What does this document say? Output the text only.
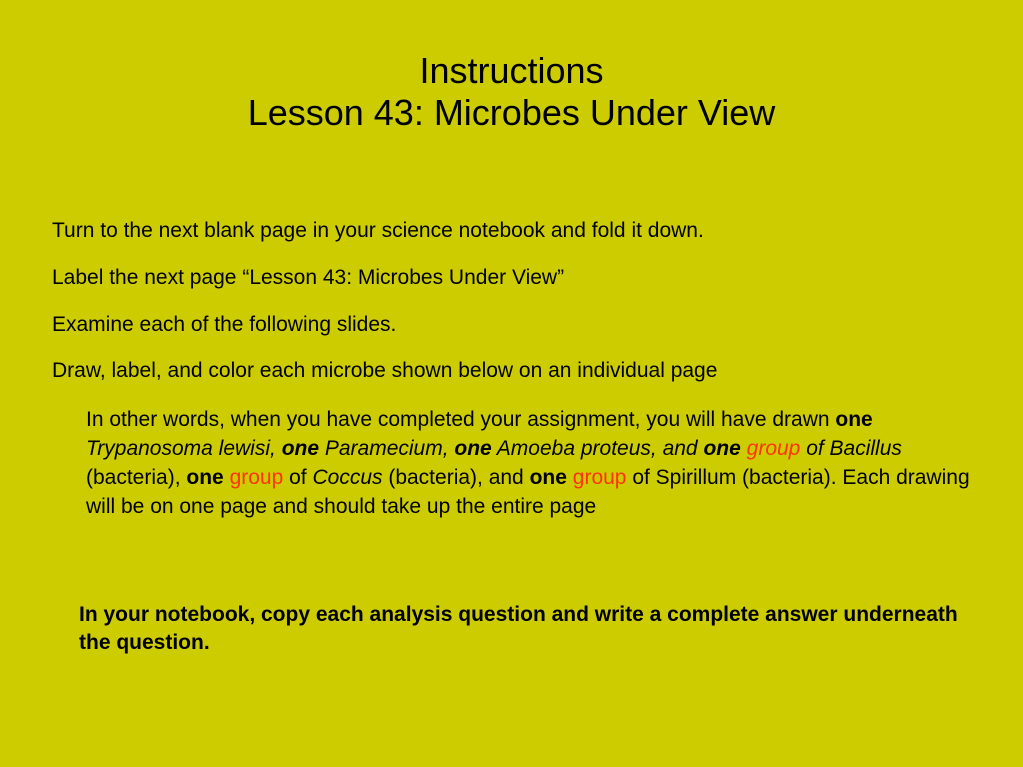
Instructions
Lesson 43: Microbes Under View
Turn to the next blank page in your science notebook and fold it down.
Label the next page “Lesson 43: Microbes Under View”
Examine each of the following slides.
Draw, label, and color each microbe shown below on an individual page
In other words, when you have completed your assignment, you will have drawn one Trypanosoma lewisi, one Paramecium, one Amoeba proteus, and one group of Bacillus (bacteria), one group of Coccus (bacteria), and one group of Spirillum (bacteria). Each drawing will be on one page and should take up the entire page
In your notebook, copy each analysis question and write a complete answer underneath the question.
